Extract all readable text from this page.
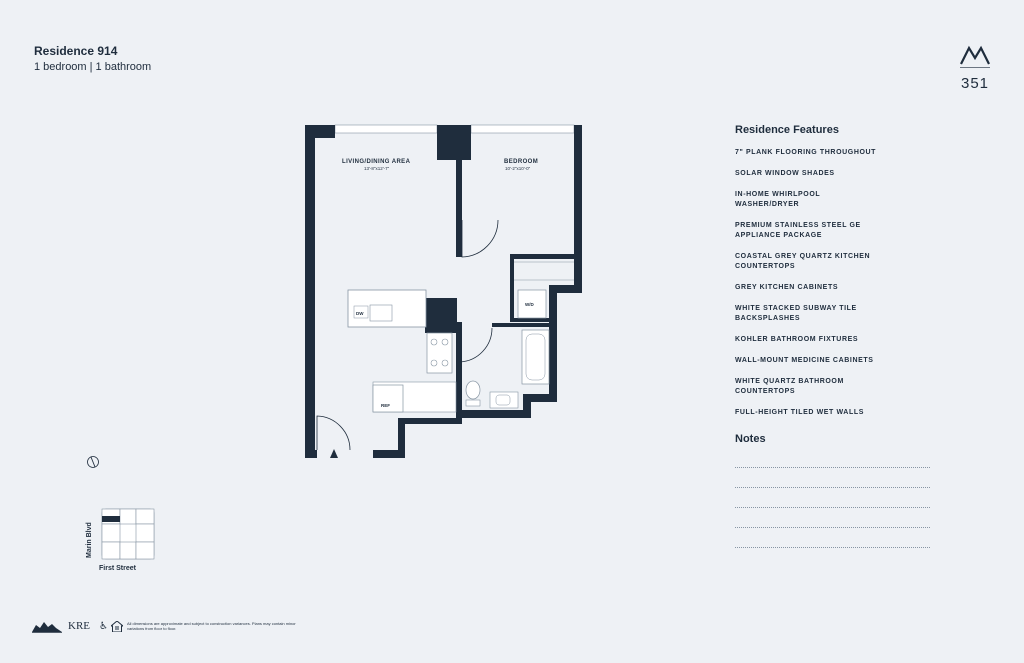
Residence 914
1 bedroom | 1 bathroom
351
DW
REF
W/D
LIVING/DINING AREA
13'-8"x12'-7"
BEDROOM
10'-2"x10'-0"
Residence Features
7" PLANK FLOORING THROUGHOUT
SOLAR WINDOW SHADES
IN-HOME WHIRLPOOL WASHER/DRYER
PREMIUM STAINLESS STEEL GE
APPLIANCE PACKAGE
COASTAL GREY QUARTZ KITCHEN COUNTERTOPS
GREY KITCHEN CABINETS
WHITE STACKED SUBWAY TILE BACKSPLASHES
KOHLER BATHROOM FIXTURES
WALL-MOUNT MEDICINE CABINETS
WHITE QUARTZ BATHROOM COUNTERTOPS
FULL-HEIGHT TILED WET WALLS
Notes
Marin Blvd
First Street
KRE ♿	All dimensions are approximate and subject to construction variances. Plans may contain minor variations from floor to floor.
